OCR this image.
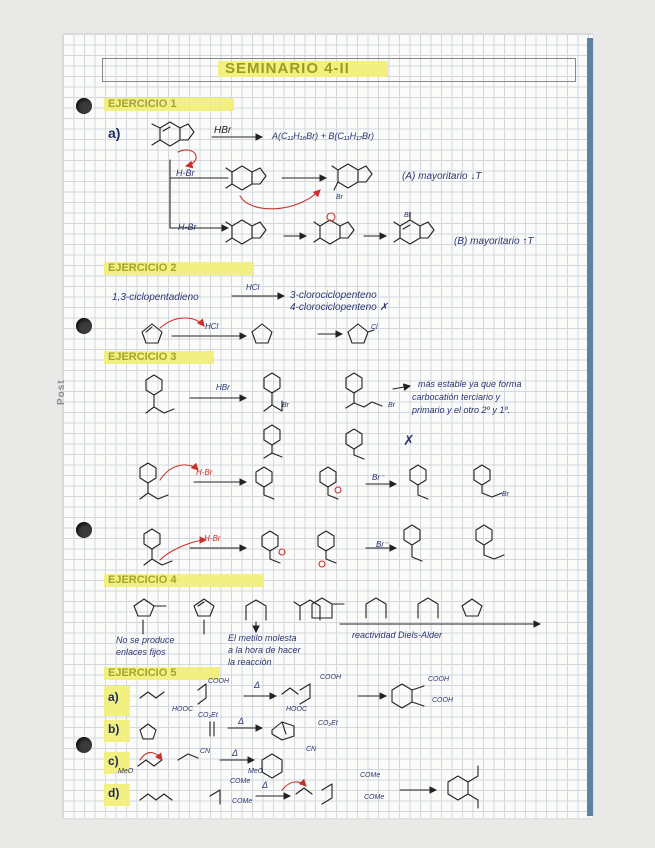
Post
SEMINARIO 4-II
EJERCICIO 1
EJERCICIO 2
EJERCICIO 3
EJERCICIO 4
EJERCICIO 5
a)	HBr	A(C₁₁H₁₆Br) + B(C₁₁H₁₇Br)
H-Br
H-Br
(A) mayoritario ↓T
(B) mayoritario ↑T
Br
Br
1,3-ciclopentadieno
HCl
3-clorociclopenteno
4-clorociclopenteno ✗
HCl	Cl
HBr	más estable ya que forma
carbocatión terciario y
primario y el otro 2º y 1º.
✗
H-Br
H-Br
Br⁻
Br⁻
Br	Br
Br
No se produce
enlaces fijos
El metilo molesta
a la hora de hacer
la reacción
reactividad Diels-Alder
a)
b)
c)
d)
COOH
HOOC
COOH
HOOC
COOH
COOH
CO₂Et
CO₂Et
CN	CN
MeO	MeO
COMe
COMe
COMe
COMe
Δ
Δ
Δ
Δ
